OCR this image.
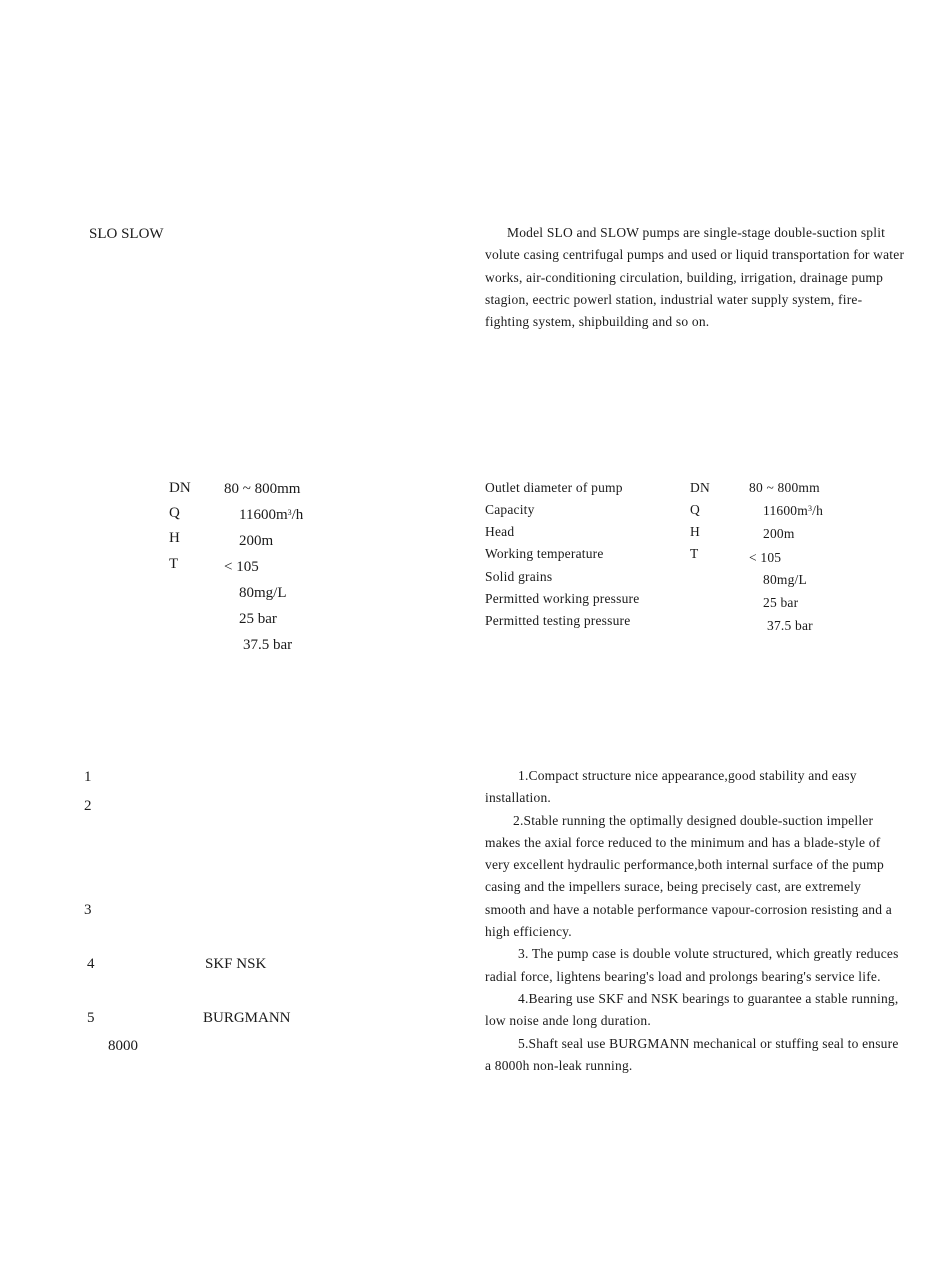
SLO SLOW
DN
Q
H
T
80 ~ 800mm
$11600m^3/h$
200m
< 105
80mg/L
25 bar
37.5 bar
1
2
3
4	SKF NSK
5	BURGMANN
8000

Model SLO and SLOW pumps are single-stage double-suction split volute casing centrifugal pumps and used or liquid transportation for water works, air-conditioning circulation, building, irrigation, drainage pump stagion, eectric powerl station, industrial water supply system, fire-fighting system, shipbuilding and so on.

Outlet diameter of pump
Capacity
Head
Working temperature
Solid grains
Permitted working pressure
Permitted testing pressure
DN
Q
H
T
80 ~ 800mm
$11600m^3/h$
200m
< 105
80mg/L
25 bar
37.5 bar

1.Compact structure nice appearance,good stability and easy installation.

2.Stable running the optimally designed double-suction impeller makes the axial force reduced to the minimum and has a blade-style of very excellent hydraulic performance,both internal surface of the pump casing and the impellers surace, being precisely cast, are extremely smooth and have a notable performance vapour-corrosion resisting and a high efficiency.

3. The pump case is double volute structured, which greatly reduces radial force, lightens bearing's load and prolongs bearing's service life.

4.Bearing use SKF and NSK bearings to guarantee a stable running, low noise ande long duration.

5.Shaft seal use BURGMANN mechanical or stuffing seal to ensure a 8000h non-leak running.
